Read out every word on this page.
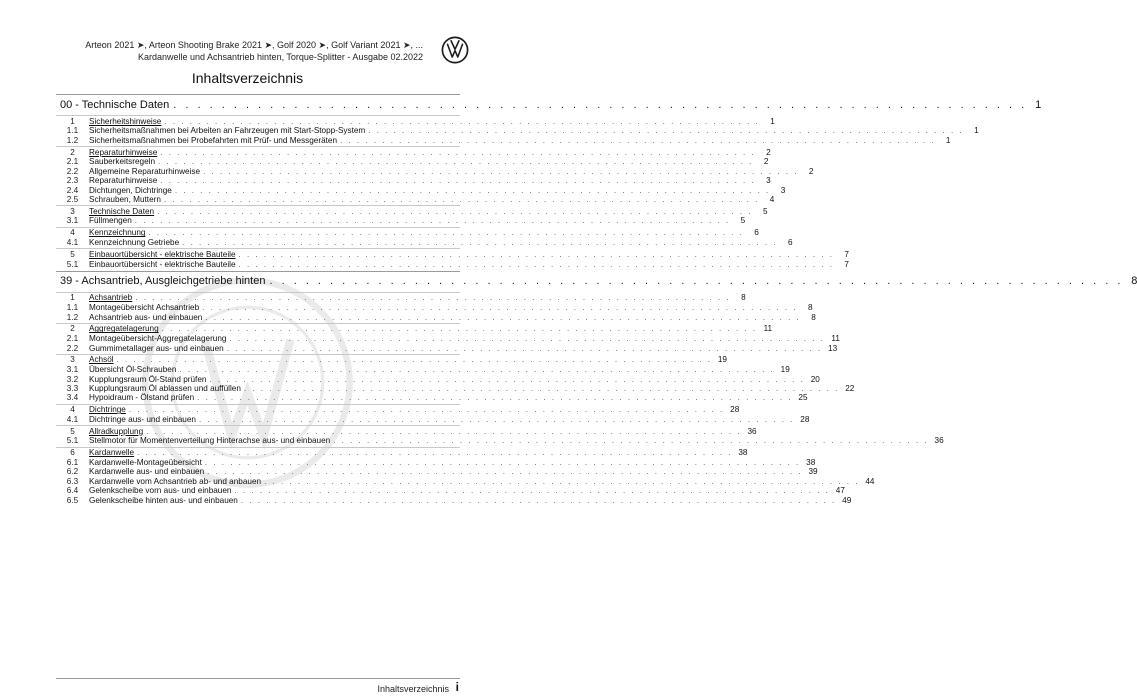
Arteon 2021 ➤, Arteon Shooting Brake 2021 ➤, Golf 2020 ➤, Golf Variant 2021 ➤, ...
Kardanwelle und Achsantrieb hinten, Torque-Splitter - Ausgabe 02.2022
Inhaltsverzeichnis
00 - Technische Daten . . . . . . . . . . . . . . . . . . . . . . . . . . . . . . . . . . . . . . . . . . . . . . . . . . . . . . . . . . . . . . . . . . . . . . . 1
1	Sicherheitshinweise . . . . . . . . . . . . . . . . . . . . . . . . . . . . . . . . . . . . . . . . . . . . . . . . . . . . . . . . . . . . . . . . . . . . . . .	1
1.1	Sicherheitsmaßnahmen bei Arbeiten an Fahrzeugen mit Start-Stopp-System . . . . . . . . . . . . . . . . . . . . . . . . . . . . . . . . . . . . . . . . . . . . . . . . . . . . . . . . . . . . . . . . . . . . . . .	1
1.2	Sicherheitsmaßnahmen bei Probefahrten mit Prüf- und Messgeräten . . . . . . . . . . . . . . . . . . . . . . . . . . . . . . . . . . . . . . . . . . . . . . . . . . . . . . . . . . . . . . . . . . . . . . .	1
2	Reparaturhinweise . . . . . . . . . . . . . . . . . . . . . . . . . . . . . . . . . . . . . . . . . . . . . . . . . . . . . . . . . . . . . . . . . . . . . . .	2
2.1	Sauberkeitsregeln . . . . . . . . . . . . . . . . . . . . . . . . . . . . . . . . . . . . . . . . . . . . . . . . . . . . . . . . . . . . . . . . . . . . . . .	2
2.2	Allgemeine Reparaturhinweise . . . . . . . . . . . . . . . . . . . . . . . . . . . . . . . . . . . . . . . . . . . . . . . . . . . . . . . . . . . . . . . . . . . . . . .	2
2.3	Reparaturhinweise . . . . . . . . . . . . . . . . . . . . . . . . . . . . . . . . . . . . . . . . . . . . . . . . . . . . . . . . . . . . . . . . . . . . . . .	3
2.4	Dichtungen, Dichtringe . . . . . . . . . . . . . . . . . . . . . . . . . . . . . . . . . . . . . . . . . . . . . . . . . . . . . . . . . . . . . . . . . . . . . . .	3
2.5	Schrauben, Muttern . . . . . . . . . . . . . . . . . . . . . . . . . . . . . . . . . . . . . . . . . . . . . . . . . . . . . . . . . . . . . . . . . . . . . . .	4
3	Technische Daten . . . . . . . . . . . . . . . . . . . . . . . . . . . . . . . . . . . . . . . . . . . . . . . . . . . . . . . . . . . . . . . . . . . . . . .	5
3.1	Füllmengen . . . . . . . . . . . . . . . . . . . . . . . . . . . . . . . . . . . . . . . . . . . . . . . . . . . . . . . . . . . . . . . . . . . . . . .	5
4	Kennzeichnung . . . . . . . . . . . . . . . . . . . . . . . . . . . . . . . . . . . . . . . . . . . . . . . . . . . . . . . . . . . . . . . . . . . . . . .	6
4.1	Kennzeichnung Getriebe . . . . . . . . . . . . . . . . . . . . . . . . . . . . . . . . . . . . . . . . . . . . . . . . . . . . . . . . . . . . . . . . . . . . . . .	6
5	Einbauortübersicht - elektrische Bauteile . . . . . . . . . . . . . . . . . . . . . . . . . . . . . . . . . . . . . . . . . . . . . . . . . . . . . . . . . . . . . . . . . . . . . . .	7
5.1	Einbauortübersicht - elektrische Bauteile . . . . . . . . . . . . . . . . . . . . . . . . . . . . . . . . . . . . . . . . . . . . . . . . . . . . . . . . . . . . . . . . . . . . . . .	7
39 - Achsantrieb, Ausgleichgetriebe hinten . . . . . . . . . . . . . . . . . . . . . . . . . . . . . . . . . . . . . . . . . . . . . . . . . . . . . . . . . . . . . . . . . . . . . . . 8
1	Achsantrieb . . . . . . . . . . . . . . . . . . . . . . . . . . . . . . . . . . . . . . . . . . . . . . . . . . . . . . . . . . . . . . . . . . . . . . .	8
1.1	Montageübersicht Achsantrieb . . . . . . . . . . . . . . . . . . . . . . . . . . . . . . . . . . . . . . . . . . . . . . . . . . . . . . . . . . . . . . . . . . . . . . .	8
1.2	Achsantrieb aus- und einbauen . . . . . . . . . . . . . . . . . . . . . . . . . . . . . . . . . . . . . . . . . . . . . . . . . . . . . . . . . . . . . . . . . . . . . . .	8
2	Aggregatelagerung . . . . . . . . . . . . . . . . . . . . . . . . . . . . . . . . . . . . . . . . . . . . . . . . . . . . . . . . . . . . . . . . . . . . . . . 11
2.1	Montageübersicht-Aggregatelagerung . . . . . . . . . . . . . . . . . . . . . . . . . . . . . . . . . . . . . . . . . . . . . . . . . . . . . . . . . . . . . . . . . . . . . . . 11
2.2	Gummimetallager aus- und einbauen . . . . . . . . . . . . . . . . . . . . . . . . . . . . . . . . . . . . . . . . . . . . . . . . . . . . . . . . . . . . . . . . . . . . . . . 13
3	Achsöl . . . . . . . . . . . . . . . . . . . . . . . . . . . . . . . . . . . . . . . . . . . . . . . . . . . . . . . . . . . . . . . . . . . . . . . 19
3.1	Übersicht Öl-Schrauben . . . . . . . . . . . . . . . . . . . . . . . . . . . . . . . . . . . . . . . . . . . . . . . . . . . . . . . . . . . . . . . . . . . . . . . 19
3.2	Kupplungsraum Öl-Stand prüfen . . . . . . . . . . . . . . . . . . . . . . . . . . . . . . . . . . . . . . . . . . . . . . . . . . . . . . . . . . . . . . . . . . . . . . . 20
3.3	Kupplungsraum Öl ablassen und auffüllen . . . . . . . . . . . . . . . . . . . . . . . . . . . . . . . . . . . . . . . . . . . . . . . . . . . . . . . . . . . . . . . . . . . . . . . 22
3.4	Hypoidraum - Ölstand prüfen . . . . . . . . . . . . . . . . . . . . . . . . . . . . . . . . . . . . . . . . . . . . . . . . . . . . . . . . . . . . . . . . . . . . . . . 25
4	Dichtringe . . . . . . . . . . . . . . . . . . . . . . . . . . . . . . . . . . . . . . . . . . . . . . . . . . . . . . . . . . . . . . . . . . . . . . . 28
4.1	Dichtringe aus- und einbauen . . . . . . . . . . . . . . . . . . . . . . . . . . . . . . . . . . . . . . . . . . . . . . . . . . . . . . . . . . . . . . . . . . . . . . . 28
5	Allradkupplung . . . . . . . . . . . . . . . . . . . . . . . . . . . . . . . . . . . . . . . . . . . . . . . . . . . . . . . . . . . . . . . . . . . . . . . 36
5.1	Stellmotor für Momentenverteilung Hinterachse aus- und einbauen . . . . . . . . . . . . . . . . . . . . . . . . . . . . . . . . . . . . . . . . . . . . . . . . . . . . . . . . . . . . . . . . . . . . . . . 36
6	Kardanwelle . . . . . . . . . . . . . . . . . . . . . . . . . . . . . . . . . . . . . . . . . . . . . . . . . . . . . . . . . . . . . . . . . . . . . . . 38
6.1	Kardanwelle-Montageübersicht . . . . . . . . . . . . . . . . . . . . . . . . . . . . . . . . . . . . . . . . . . . . . . . . . . . . . . . . . . . . . . . . . . . . . . . 38
6.2	Kardanwelle aus- und einbauen . . . . . . . . . . . . . . . . . . . . . . . . . . . . . . . . . . . . . . . . . . . . . . . . . . . . . . . . . . . . . . . . . . . . . . . 39
6.3	Kardanwelle vom Achsantrieb ab- und anbauen . . . . . . . . . . . . . . . . . . . . . . . . . . . . . . . . . . . . . . . . . . . . . . . . . . . . . . . . . . . . . . . . . . . . . . . 44
6.4	Gelenkscheibe vorn aus- und einbauen . . . . . . . . . . . . . . . . . . . . . . . . . . . . . . . . . . . . . . . . . . . . . . . . . . . . . . . . . . . . . . . . . . . . . . . 47
6.5	Gelenkscheibe hinten aus- und einbauen . . . . . . . . . . . . . . . . . . . . . . . . . . . . . . . . . . . . . . . . . . . . . . . . . . . . . . . . . . . . . . . . . . . . . . . 49
Inhaltsverzeichnis i
